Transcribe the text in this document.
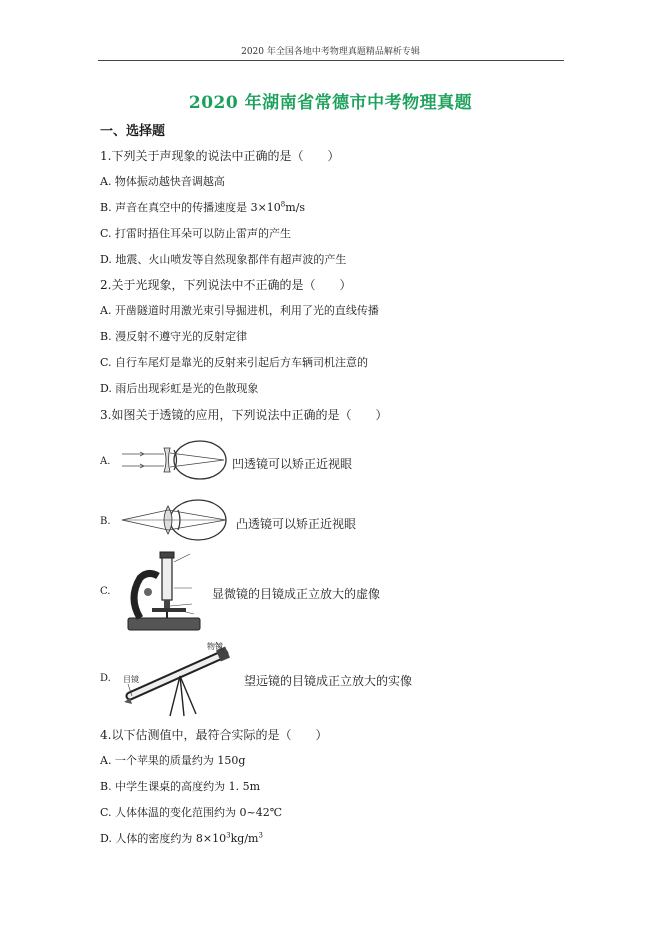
2020 年全国各地中考物理真题精品解析专辑
2020 年湖南省常德市中考物理真题
一、选择题
1.下列关于声现象的说法中正确的是（　　）
A. 物体振动越快音调越高
B. 声音在真空中的传播速度是 $3\times 10^8m/s$
C. 打雷时捂住耳朵可以防止雷声的产生
D. 地震、火山喷发等自然现象都伴有超声波的产生
2.关于光现象，下列说法中不正确的是（　　）
A. 开凿隧道时用激光束引导掘进机，利用了光的直线传播
B. 漫反射不遵守光的反射定律
C. 自行车尾灯是靠光的反射来引起后方车辆司机注意的
D. 雨后出现彩虹是光的色散现象
3.如图关于透镜的应用，下列说法中正确的是（　　）
A.	凹透镜可以矫正近视眼
B.	凸透镜可以矫正近视眼
C.	显微镜的目镜成正立放大的虚像
D.
物镜
目镜	望远镜的目镜成正立放大的实像
4.以下估测值中，最符合实际的是（　　）
A. 一个苹果的质量约为 150g
B. 中学生课桌的高度约为 1. 5m
C. 人体体温的变化范围约为 0~42℃
D. 人体的密度约为 $8\times 10^3kg/m^3$
